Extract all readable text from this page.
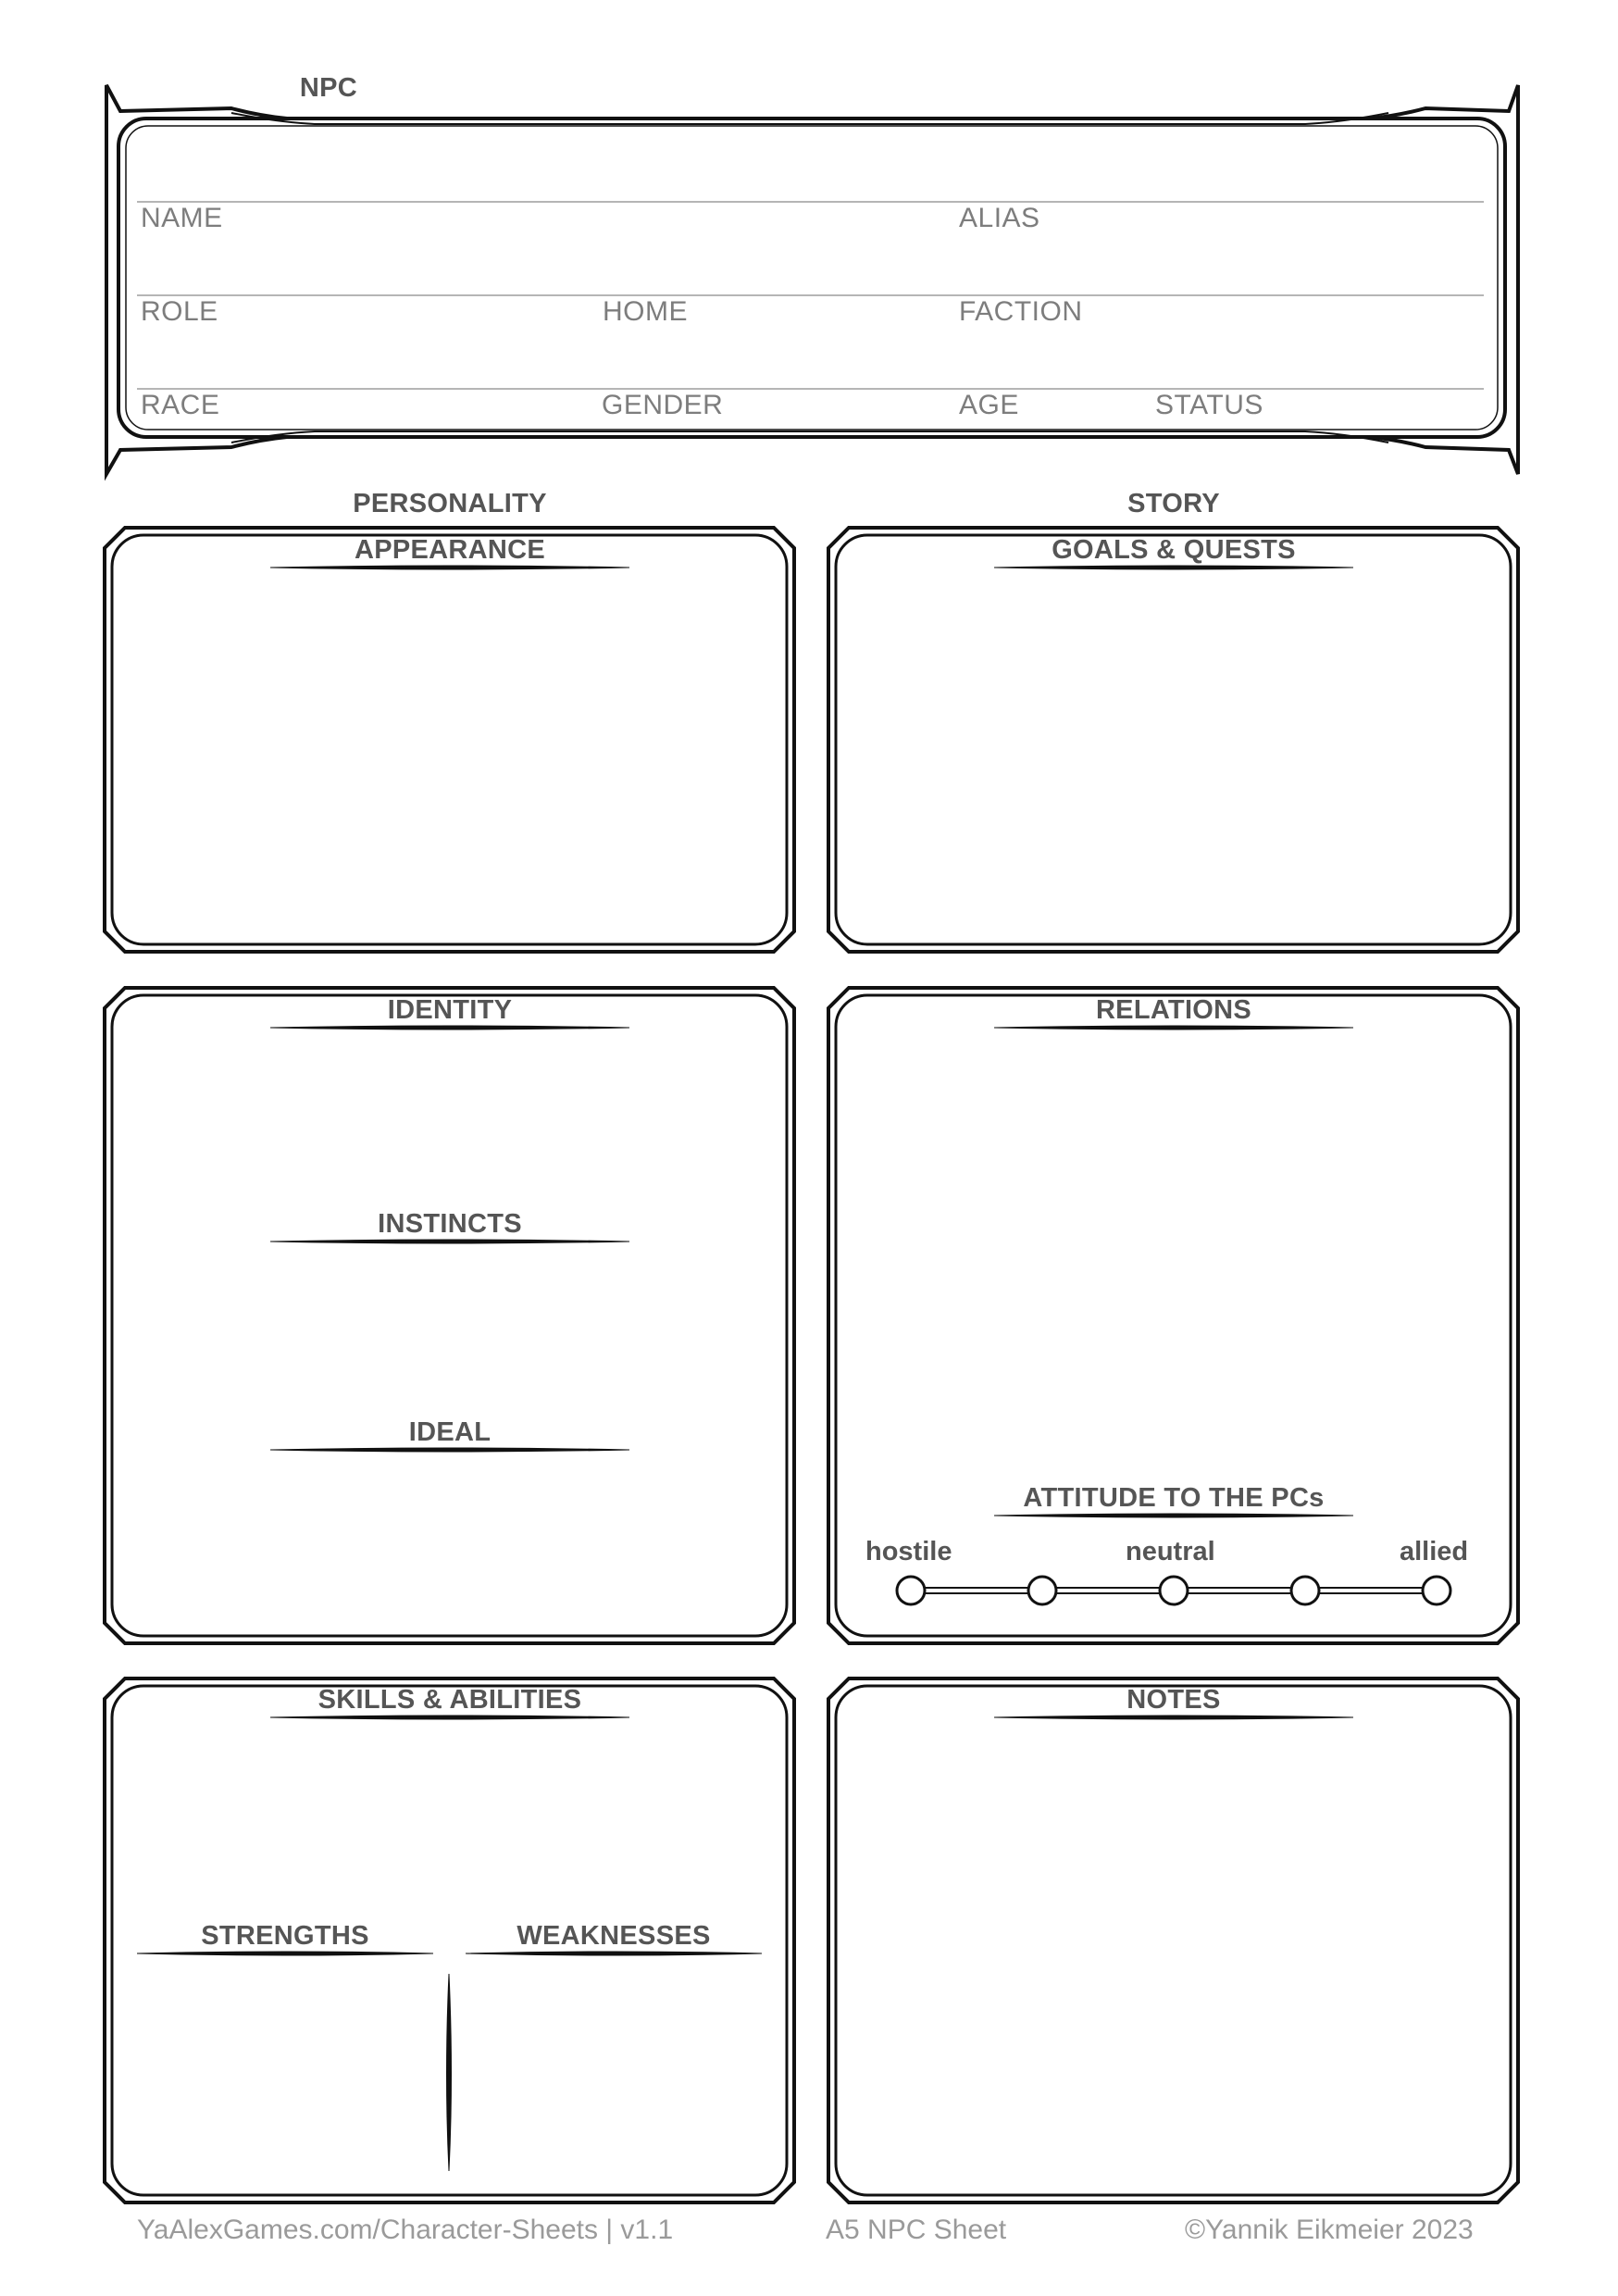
NPC
NAME	ALIAS
ROLE	HOME	FACTION
RACE	GENDER	AGE	STATUS
PERSONALITY	STORY
APPEARANCE	GOALS & QUESTS
IDENTITY
INSTINCTS
IDEAL
RELATIONS
ATTITUDE TO THE PCs
SKILLS & ABILITIES
STRENGTHS	WEAKNESSES
NOTES
hostile	neutral	allied
YaAlexGames.com/Character-Sheets | v1.1	A5 NPC Sheet	©Yannik Eikmeier 2023
